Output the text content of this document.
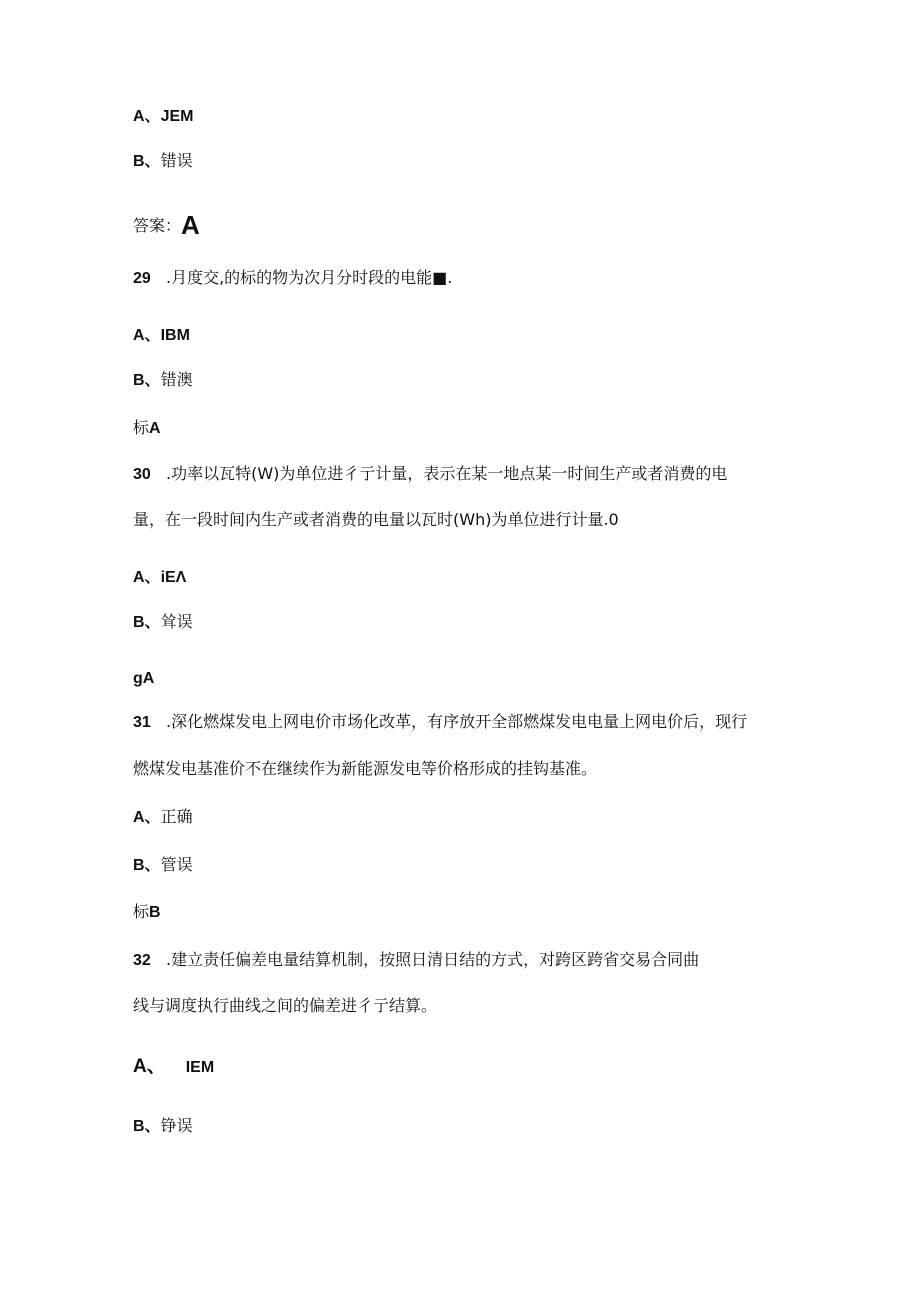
A、JEM

B、错误

答案：A

29 .月度交,的标的物为次月分时段的电能■.

A、IBM

B、错澳

标A

30 .功率以瓦特(W)为单位进彳亍计量，表示在某一地点某一时间生产或者消费的电

量，在一段时间内生产或者消费的电量以瓦时(Wh)为单位进行计量.0

A、iEΛ

B、耸误

gA

31 .深化燃煤发电上网电价市场化改革，有序放开全部燃煤发电电量上网电价后，现行

燃煤发电基准价不在继续作为新能源发电等价格形成的挂钩基准。

A、正确

B、管误

标B

32 .建立责任偏差电量结算机制，按照日清日结的方式，对跨区跨省交易合同曲

线与调度执行曲线之间的偏差进彳亍结算。

A、 IEM

B、铮误
